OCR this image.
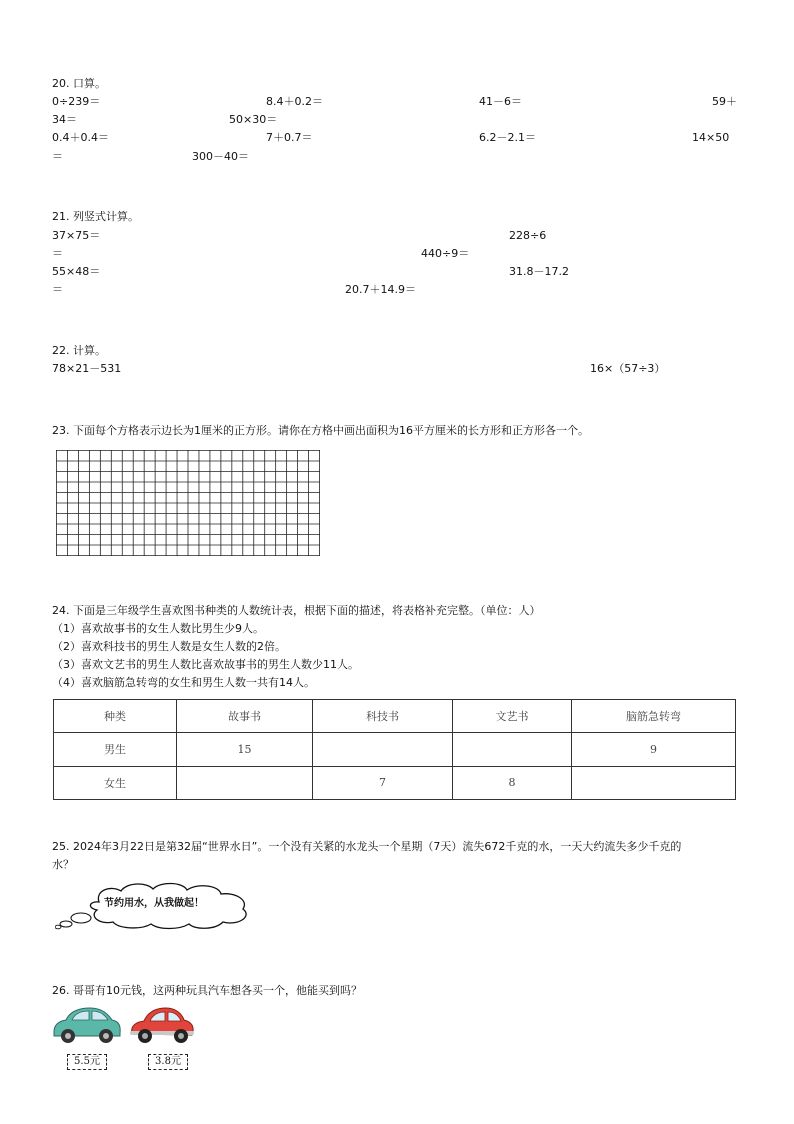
20. 口算。
0÷239＝	8.4＋0.2＝	41－6＝	59＋
34＝	50×30＝
0.4＋0.4＝	7＋0.7＝	6.2－2.1＝	14×50
＝	300－40＝
21. 列竖式计算。
37×75＝	228÷6
＝	440÷9＝
55×48＝	31.8－17.2
＝	20.7＋14.9＝
22. 计算。
78×21－531	16×（57÷3）
23. 下面每个方格表示边长为1厘米的正方形。请你在方格中画出面积为16平方厘米的长方形和正方形各一个。
24. 下面是三年级学生喜欢图书种类的人数统计表，根据下面的描述，将表格补充完整。（单位：人）
（1）喜欢故事书的女生人数比男生少9人。
（2）喜欢科技书的男生人数是女生人数的2倍。
（3）喜欢文艺书的男生人数比喜欢故事书的男生人数少11人。
（4）喜欢脑筋急转弯的女生和男生人数一共有14人。
种类	故事书	科技书	文艺书	脑筋急转弯
男生	15			9
女生		7	8	
25. 2024年3月22日是第32届“世界水日”。一个没有关紧的水龙头一个星期（7天）流失672千克的水，一天大约流失多少千克的
水？
节约用水，从我做起！
26. 哥哥有10元钱，这两种玩具汽车想各买一个，他能买到吗？
5.5元	3.8元
